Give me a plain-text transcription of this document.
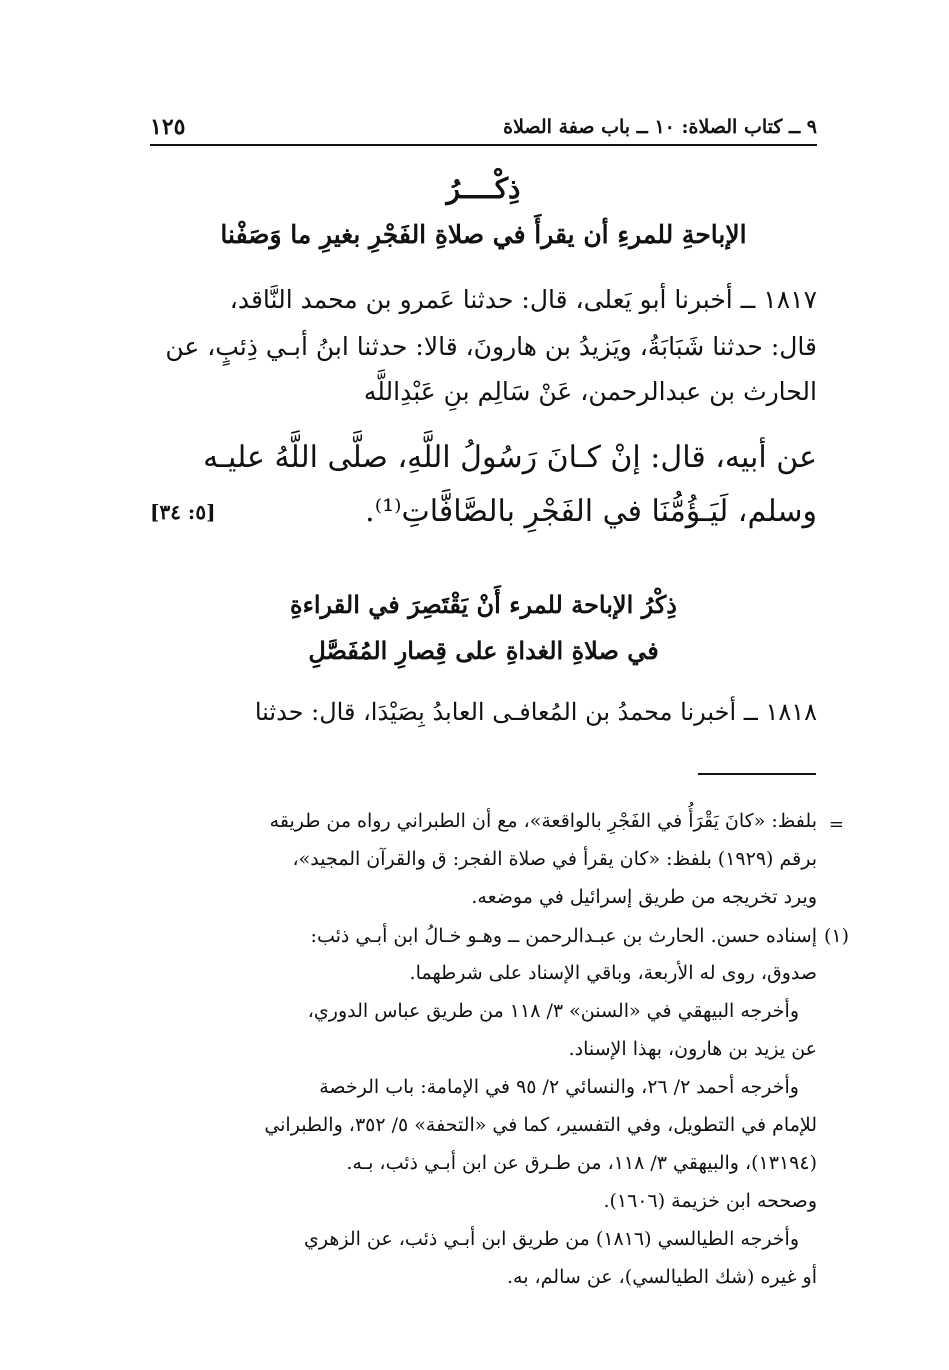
٩ ــ كتاب الصلاة: ١٠ ــ باب صفة الصلاة
١٢٥
ذِكْــــرُ
الإباحةِ للمرءِ أن يقرأَ في صلاةِ الفَجْرِ بغيرِ ما وَصَفْنا
١٨١٧ ــ أخبرنا أبو يَعلى، قال: حدثنا عَمرو بن محمد النَّاقد،
قال: حدثنا شَبَابَةُ، ويَزيدُ بن هارونَ، قالا: حدثنا ابنُ أبـي ذِئبٍ، عن
الحارث بن عبدالرحمن، عَنْ سَالِم بنِ عَبْدِاللَّه
عن أبيه، قال: إنْ كـانَ رَسُولُ اللَّهِ، صلَّى اللَّهُ عليـه
وسلم، لَيَـؤُمُّنَا في الفَجْرِ بالصَّافَّاتِ⁽¹⁾.
[٥: ٣٤]
ذِكْرُ الإباحة للمرء أَنْ يَقْتَصِرَ في القراءةِ
في صلاةِ الغداةِ على قِصارِ المُفَصَّلِ
١٨١٨ ــ أخبرنا محمدُ بن المُعافـى العابدُ بِصَيْدَا، قال: حدثنا
=
بلفظ: «كانَ يَقْرَأُ في الفَجْرِ بالواقعة»، مع أن الطبراني رواه من طريقه
برقم (١٩٢٩) بلفظ: «كان يقرأ في صلاة الفجر: ق والقرآن المجيد»،
ويرد تخريجه من طريق إسرائيل في موضعه.
(١)
إسناده حسن. الحارث بن عبـدالرحمن ــ وهـو خـالُ ابن أبـي ذئب:
صدوق، روى له الأربعة، وباقي الإسناد على شرطهما.
وأخرجه البيهقي في «السنن» ٣/ ١١٨ من طريق عباس الدوري،
عن يزيد بن هارون، بهذا الإسناد.
وأخرجه أحمد ٢/ ٢٦، والنسائي ٢/ ٩٥ في الإمامة: باب الرخصة
للإمام في التطويل، وفي التفسير، كما في «التحفة» ٥/ ٣٥٢، والطبراني
(١٣١٩٤)، والبيهقي ٣/ ١١٨، من طـرق عن ابن أبـي ذئب، بـه.
وصححه ابن خزيمة (١٦٠٦).
وأخرجه الطيالسي (١٨١٦) من طريق ابن أبـي ذئب، عن الزهري
أو غيره (شك الطيالسي)، عن سالم، به.
